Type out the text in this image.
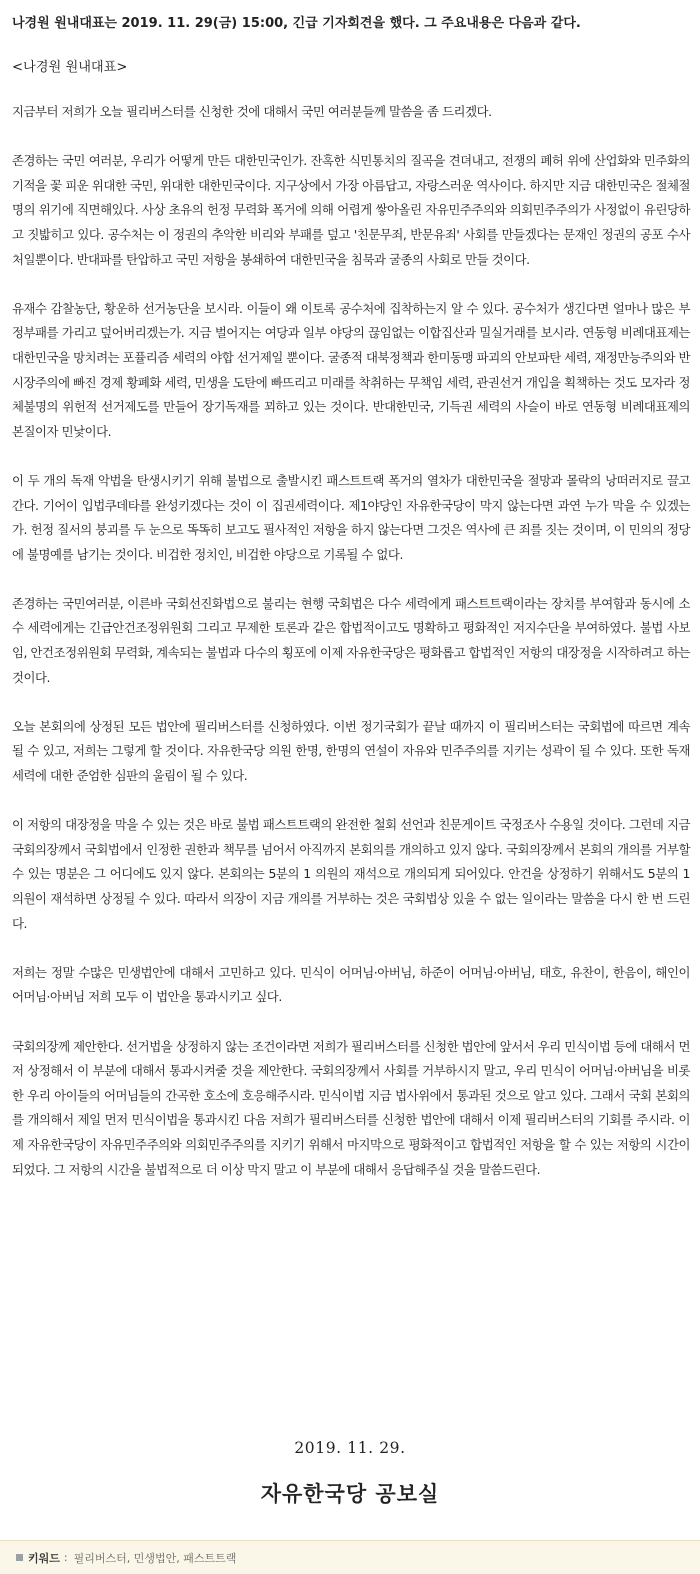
나경원 원내대표는 2019. 11. 29(금) 15:00, 긴급 기자회견을 했다. 그 주요내용은 다음과 같다.
<나경원 원내대표>
지금부터 저희가 오늘 필리버스터를 신청한 것에 대해서 국민 여러분들께 말씀을 좀 드리겠다.
존경하는 국민 여러분, 우리가 어떻게 만든 대한민국인가. 잔혹한 식민통치의 질곡을 견뎌내고, 전쟁의 폐허 위에 산업화와 민주화의 기적을 꽃 피운 위대한 국민, 위대한 대한민국이다. 지구상에서 가장 아름답고, 자랑스러운 역사이다. 하지만 지금 대한민국은 절체절명의 위기에 직면해있다. 사상 초유의 헌정 무력화 폭거에 의해 어렵게 쌓아올린 자유민주주의와 의회민주주의가 사정없이 유린당하고 짓밟히고 있다. 공수처는 이 정권의 추악한 비리와 부패를 덮고 '친문무죄, 반문유죄' 사회를 만들겠다는 문재인 정권의 공포 수사처일뿐이다. 반대파를 탄압하고 국민 저항을 봉쇄하여 대한민국을 침묵과 굴종의 사회로 만들 것이다.
유재수 감찰농단, 황운하 선거농단을 보시라. 이들이 왜 이토록 공수처에 집착하는지 알 수 있다. 공수처가 생긴다면 얼마나 많은 부정부패를 가리고 덮어버리겠는가. 지금 벌어지는 여당과 일부 야당의 끊임없는 이합집산과 밀실거래를 보시라. 연동형 비례대표제는 대한민국을 망치려는 포퓰리즘 세력의 야합 선거제일 뿐이다. 굴종적 대북정책과 한미동맹 파괴의 안보파탄 세력, 재정만능주의와 반시장주의에 빠진 경제 황폐화 세력, 민생을 도탄에 빠뜨리고 미래를 착취하는 무책임 세력, 관권선거 개입을 획책하는 것도 모자라 정체불명의 위헌적 선거제도를 만들어 장기독재를 꾀하고 있는 것이다. 반대한민국, 기득권 세력의 사슬이 바로 연동형 비례대표제의 본질이자 민낯이다.
이 두 개의 독재 악법을 탄생시키기 위해 불법으로 출발시킨 패스트트랙 폭거의 열차가 대한민국을 절망과 몰락의 낭떠러지로 끌고 간다. 기어이 입법쿠데타를 완성키겠다는 것이 이 집권세력이다. 제1야당인 자유한국당이 막지 않는다면 과연 누가 막을 수 있겠는가. 헌정 질서의 붕괴를 두 눈으로 똑똑히 보고도 필사적인 저항을 하지 않는다면 그것은 역사에 큰 죄를 짓는 것이며, 이 민의의 정당에 불명예를 남기는 것이다. 비겁한 정치인, 비겁한 야당으로 기록될 수 없다.
존경하는 국민여러분, 이른바 국회선진화법으로 불리는 현행 국회법은 다수 세력에게 패스트트랙이라는 장치를 부여함과 동시에 소수 세력에게는 긴급안건조정위원회 그리고 무제한 토론과 같은 합법적이고도 명확하고 평화적인 저지수단을 부여하였다. 불법 사보임, 안건조정위원회 무력화, 계속되는 불법과 다수의 횡포에 이제 자유한국당은 평화롭고 합법적인 저항의 대장정을 시작하려고 하는 것이다.
오늘 본회의에 상정된 모든 법안에 필리버스터를 신청하였다. 이번 정기국회가 끝날 때까지 이 필리버스터는 국회법에 따르면 계속 될 수 있고, 저희는 그렇게 할 것이다. 자유한국당 의원 한명, 한명의 연설이 자유와 민주주의를 지키는 성곽이 될 수 있다. 또한 독재세력에 대한 준엄한 심판의 울림이 될 수 있다.
이 저항의 대장정을 막을 수 있는 것은 바로 불법 패스트트랙의 완전한 철회 선언과 친문게이트 국정조사 수용일 것이다. 그런데 지금 국회의장께서 국회법에서 인정한 권한과 책무를 넘어서 아직까지 본회의를 개의하고 있지 않다. 국회의장께서 본회의 개의를 거부할 수 있는 명분은 그 어디에도 있지 않다. 본회의는 5분의 1 의원의 재석으로 개의되게 되어있다. 안건을 상정하기 위해서도 5분의 1 의원이 재석하면 상정될 수 있다. 따라서 의장이 지금 개의를 거부하는 것은 국회법상 있을 수 없는 일이라는 말씀을 다시 한 번 드린다.
저희는 정말 수많은 민생법안에 대해서 고민하고 있다. 민식이 어머님·아버님, 하준이 어머님·아버님, 태호, 유찬이, 한음이, 해인이 어머님·아버님 저희 모두 이 법안을 통과시키고 싶다.
국회의장께 제안한다. 선거법을 상정하지 않는 조건이라면 저희가 필리버스터를 신청한 법안에 앞서서 우리 민식이법 등에 대해서 먼저 상정해서 이 부분에 대해서 통과시켜줄 것을 제안한다. 국회의장께서 사회를 거부하시지 말고, 우리 민식이 어머님·아버님을 비롯한 우리 아이들의 어머님들의 간곡한 호소에 호응해주시라. 민식이법 지금 법사위에서 통과된 것으로 알고 있다. 그래서 국회 본회의를 개의해서 제일 먼저 민식이법을 통과시킨 다음 저희가 필리버스터를 신청한 법안에 대해서 이제 필리버스터의 기회를 주시라. 이제 자유한국당이 자유민주주의와 의회민주주의를 지키기 위해서 마지막으로 평화적이고 합법적인 저항을 할 수 있는 저항의 시간이 되었다. 그 저항의 시간을 불법적으로 더 이상 막지 말고 이 부분에 대해서 응답해주실 것을 말씀드린다.
2019. 11. 29.
자유한국당 공보실
키워드 : 필리버스터, 민생법안, 패스트트랙
